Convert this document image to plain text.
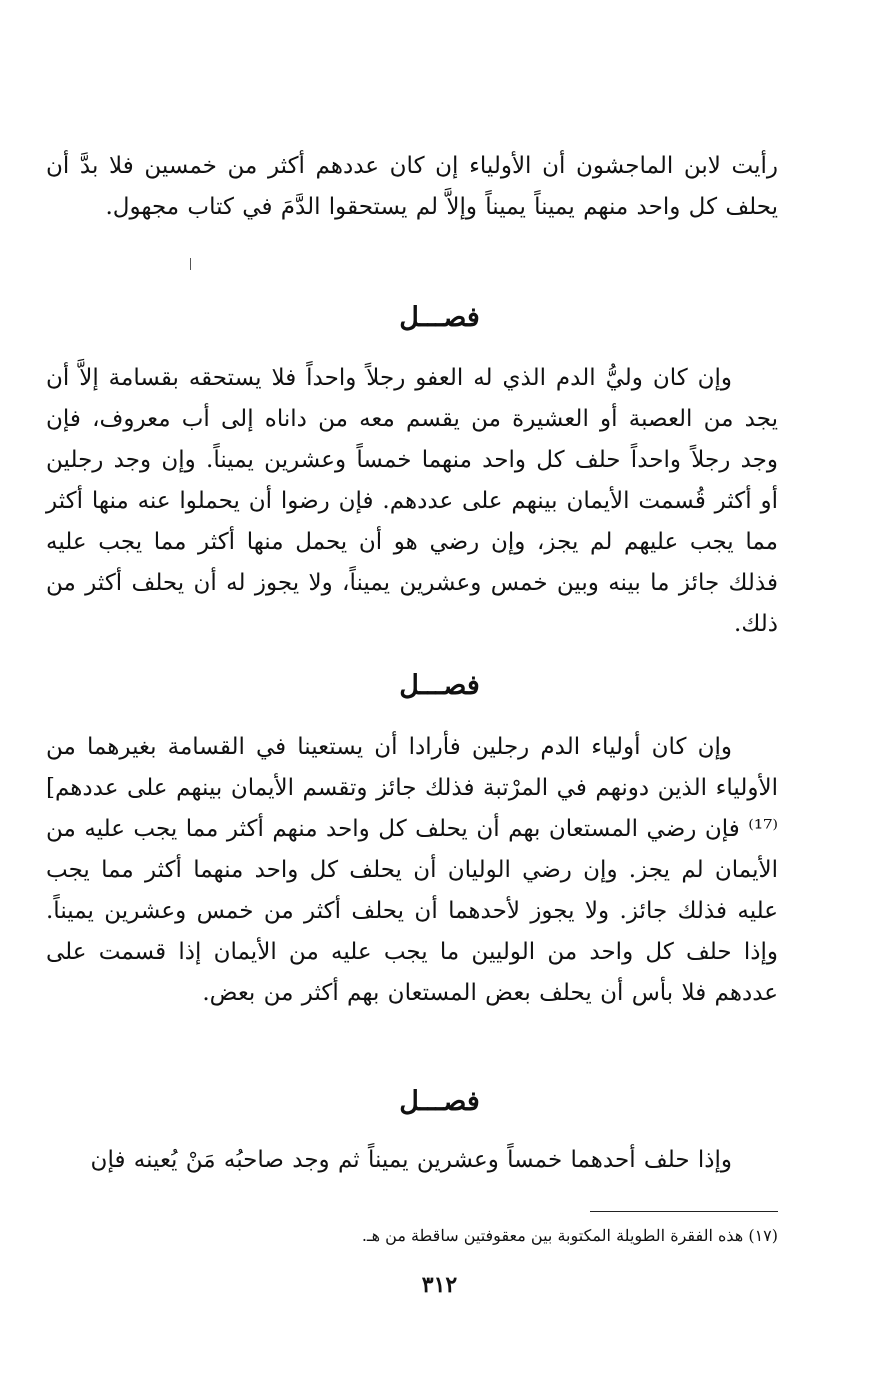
رأيت لابن الماجشون أن الأولياء إن كان عددهم أكثر من خمسين فلا بدَّ أن يحلف كل واحد منهم يميناً يميناً وإلاَّ لم يستحقوا الدَّمَ في كتاب مجهول.

فصـــل

وإن كان وليُّ الدم الذي له العفو رجلاً واحداً فلا يستحقه بقسامة إلاَّ أن يجد من العصبة أو العشيرة من يقسم معه من داناه إلى أب معروف، فإن وجد رجلاً واحداً حلف كل واحد منهما خمساً وعشرين يميناً. وإن وجد رجلين أو أكثر قُسمت الأيمان بينهم على عددهم. فإن رضوا أن يحملوا عنه منها أكثر مما يجب عليهم لم يجز، وإن رضي هو أن يحمل منها أكثر مما يجب عليه فذلك جائز ما بينه وبين خمس وعشرين يميناً، ولا يجوز له أن يحلف أكثر من ذلك.

فصـــل

وإن كان أولياء الدم رجلين فأرادا أن يستعينا في القسامة بغيرهما من الأولياء الذين دونهم في المرْتبة فذلك جائز وتقسم الأيمان بينهم على عددهم]⁽¹⁷⁾ فإن رضي المستعان بهم أن يحلف كل واحد منهم أكثر مما يجب عليه من الأيمان لم يجز. وإن رضي الوليان أن يحلف كل واحد منهما أكثر مما يجب عليه فذلك جائز. ولا يجوز لأحدهما أن يحلف أكثر من خمس وعشرين يميناً. وإذا حلف كل واحد من الوليين ما يجب عليه من الأيمان إذا قسمت على عددهم فلا بأس أن يحلف بعض المستعان بهم أكثر من بعض.

فصـــل

وإذا حلف أحدهما خمساً وعشرين يميناً ثم وجد صاحبُه مَنْ يُعينه فإن

(١٧) هذه الفقرة الطويلة المكتوبة بين معقوفتين ساقطة من هـ.

٣١٢
